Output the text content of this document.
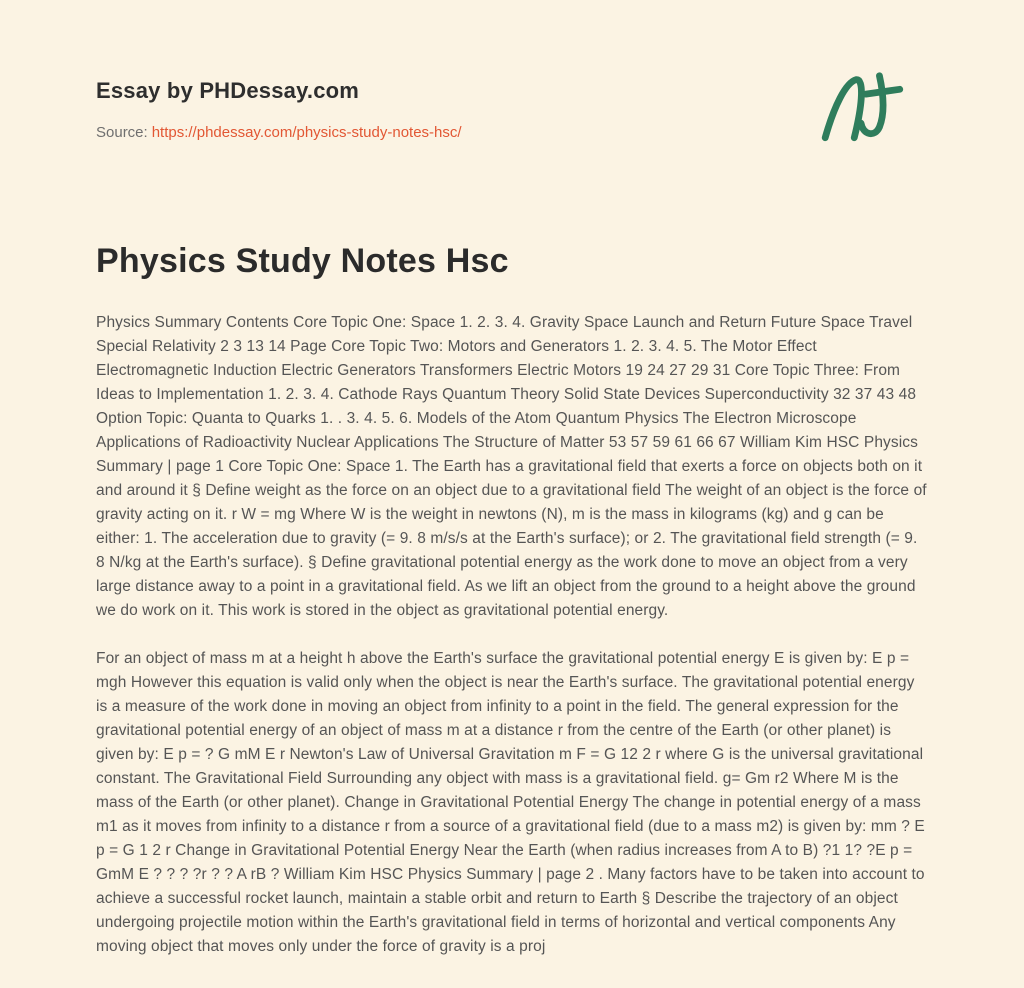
Essay by PHDessay.com
Source: https://phdessay.com/physics-study-notes-hsc/
Physics Study Notes Hsc

Physics Summary Contents Core Topic One: Space 1. 2. 3. 4. Gravity Space Launch and Return Future Space Travel Special Relativity 2 3 13 14 Page Core Topic Two: Motors and Generators 1. 2. 3. 4. 5. The Motor Effect Electromagnetic Induction Electric Generators Transformers Electric Motors 19 24 27 29 31 Core Topic Three: From Ideas to Implementation 1. 2. 3. 4. Cathode Rays Quantum Theory Solid State Devices Superconductivity 32 37 43 48 Option Topic: Quanta to Quarks 1. . 3. 4. 5. 6. Models of the Atom Quantum Physics The Electron Microscope Applications of Radioactivity Nuclear Applications The Structure of Matter 53 57 59 61 66 67 William Kim HSC Physics Summary | page 1 Core Topic One: Space 1. The Earth has a gravitational field that exerts a force on objects both on it and around it § Define weight as the force on an object due to a gravitational field The weight of an object is the force of gravity acting on it. r W = mg Where W is the weight in newtons (N), m is the mass in kilograms (kg) and g can be either: 1. The acceleration due to gravity (= 9. 8 m/s/s at the Earth's surface); or 2. The gravitational field strength (= 9. 8 N/kg at the Earth's surface). § Define gravitational potential energy as the work done to move an object from a very large distance away to a point in a gravitational field. As we lift an object from the ground to a height above the ground we do work on it. This work is stored in the object as gravitational potential energy.

For an object of mass m at a height h above the Earth's surface the gravitational potential energy E is given by: E p = mgh However this equation is valid only when the object is near the Earth's surface. The gravitational potential energy is a measure of the work done in moving an object from infinity to a point in the field. The general expression for the gravitational potential energy of an object of mass m at a distance r from the centre of the Earth (or other planet) is given by: E p = ? G mM E r Newton's Law of Universal Gravitation m F = G 12 2 r where G is the universal gravitational constant. The Gravitational Field Surrounding any object with mass is a gravitational field. g= Gm r2 Where M is the mass of the Earth (or other planet). Change in Gravitational Potential Energy The change in potential energy of a mass m1 as it moves from infinity to a distance r from a source of a gravitational field (due to a mass m2) is given by: mm ? E p = G 1 2 r Change in Gravitational Potential Energy Near the Earth (when radius increases from A to B) ?1 1? ?E p = GmM E ? ? ? ?r ? ? A rB ? William Kim HSC Physics Summary | page 2 . Many factors have to be taken into account to achieve a successful rocket launch, maintain a stable orbit and return to Earth § Describe the trajectory of an object undergoing projectile motion within the Earth's gravitational field in terms of horizontal and vertical components Any moving object that moves only under the force of gravity is a proj
